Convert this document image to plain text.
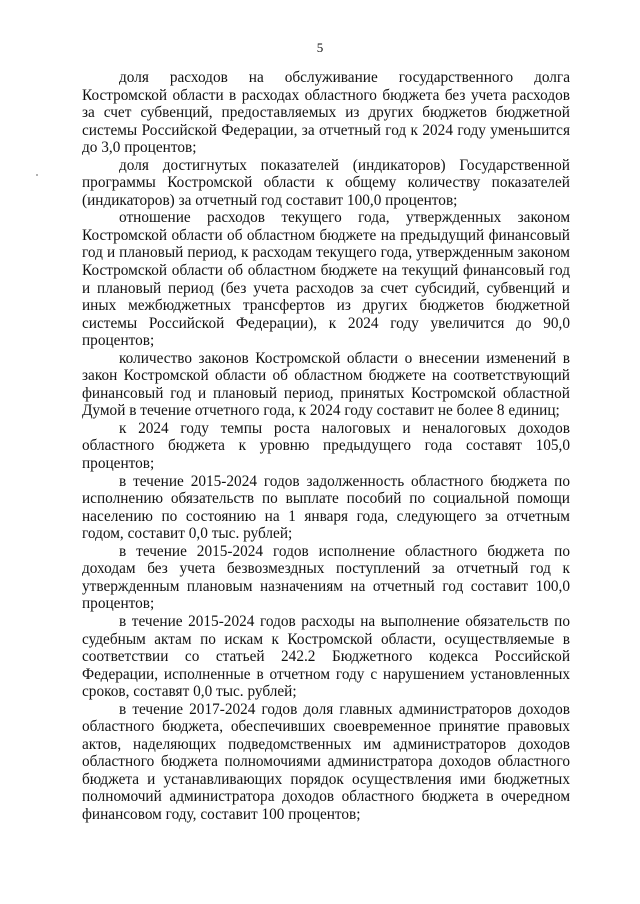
5

доля расходов на обслуживание государственного долга Костромской области в расходах областного бюджета без учета расходов за счет субвенций, предоставляемых из других бюджетов бюджетной системы Российской Федерации, за отчетный год к 2024 году уменьшится до 3,0 процентов;

доля достигнутых показателей (индикаторов) Государственной программы Костромской области к общему количеству показателей (индикаторов) за отчетный год составит 100,0 процентов;

отношение расходов текущего года, утвержденных законом Костромской области об областном бюджете на предыдущий финансовый год и плановый период, к расходам текущего года, утвержденным законом Костромской области об областном бюджете на текущий финансовый год и плановый период (без учета расходов за счет субсидий, субвенций и иных межбюджетных трансфертов из других бюджетов бюджетной системы Российской Федерации), к 2024 году увеличится до 90,0 процентов;

количество законов Костромской области о внесении изменений в закон Костромской области об областном бюджете на соответствующий финансовый год и плановый период, принятых Костромской областной Думой в течение отчетного года, к 2024 году составит не более 8 единиц;

к 2024 году темпы роста налоговых и неналоговых доходов областного бюджета к уровню предыдущего года составят 105,0 процентов;

в течение 2015-2024 годов задолженность областного бюджета по исполнению обязательств по выплате пособий по социальной помощи населению по состоянию на 1 января года, следующего за отчетным годом, составит 0,0 тыс. рублей;

в течение 2015-2024 годов исполнение областного бюджета по доходам без учета безвозмездных поступлений за отчетный год к утвержденным плановым назначениям на отчетный год составит 100,0 процентов;

в течение 2015-2024 годов расходы на выполнение обязательств по судебным актам по искам к Костромской области, осуществляемые в соответствии со статьей 242.2 Бюджетного кодекса Российской Федерации, исполненные в отчетном году с нарушением установленных сроков, составят 0,0 тыс. рублей;

в течение 2017-2024 годов доля главных администраторов доходов областного бюджета, обеспечивших своевременное принятие правовых актов, наделяющих подведомственных им администраторов доходов областного бюджета полномочиями администратора доходов областного бюджета и устанавливающих порядок осуществления ими бюджетных полномочий администратора доходов областного бюджета в очередном финансовом году, составит 100 процентов;
